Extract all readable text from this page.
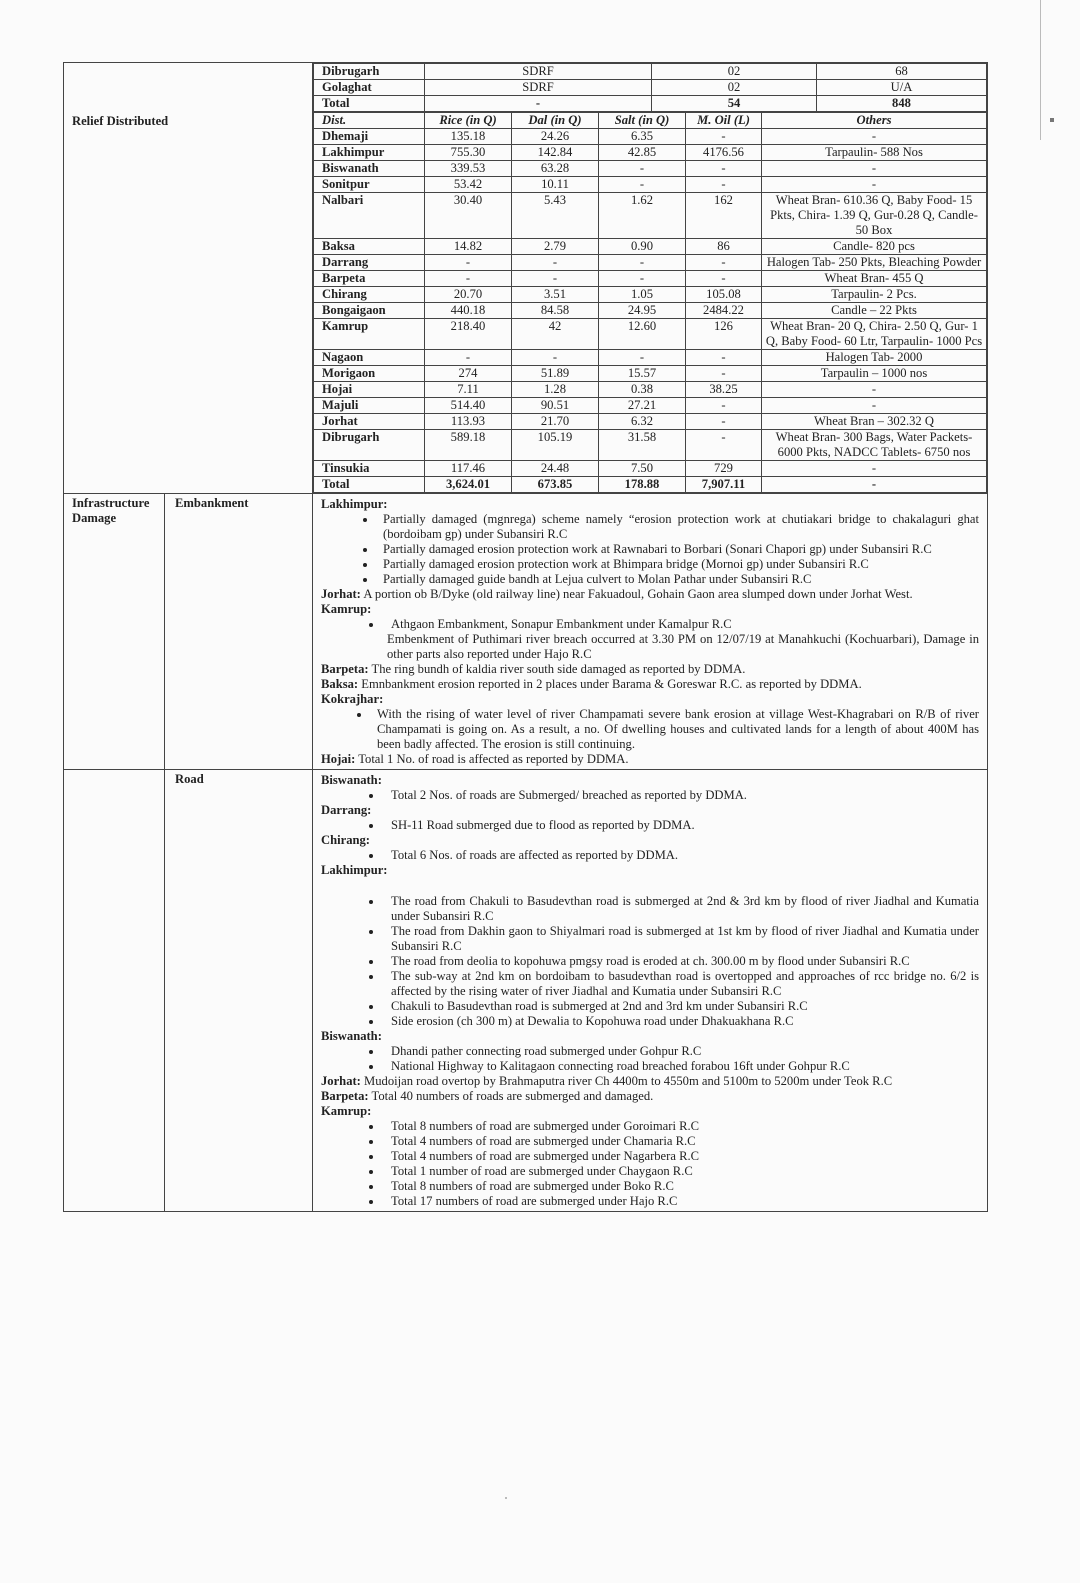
Relief Distributed

Dibrugarh	SDRF	02	68
Golaghat	SDRF	02	U/A
Total	-	54	848
Dist.	Rice (in Q)	Dal (in Q)	Salt (in Q)	M. Oil (L)	Others
Dhemaji	135.18	24.26	6.35	-	-
Lakhimpur	755.30	142.84	42.85	4176.56	Tarpaulin- 588 Nos
Biswanath	339.53	63.28	-	-	-
Sonitpur	53.42	10.11	-	-	-
Nalbari	30.40	5.43	1.62	162	Wheat Bran- 610.36 Q, Baby Food- 15 Pkts, Chira- 1.39 Q, Gur-0.28 Q, Candle- 50 Box
Baksa	14.82	2.79	0.90	86	Candle- 820 pcs
Darrang	-	-	-	-	Halogen Tab- 250 Pkts, Bleaching Powder
Barpeta	-	-	-	-	Wheat Bran- 455 Q
Chirang	20.70	3.51	1.05	105.08	Tarpaulin- 2 Pcs.
Bongaigaon	440.18	84.58	24.95	2484.22	Candle – 22 Pkts
Kamrup	218.40	42	12.60	126	Wheat Bran- 20 Q, Chira- 2.50 Q, Gur- 1 Q, Baby Food- 60 Ltr, Tarpaulin- 1000 Pcs
Nagaon	-	-	-	-	Halogen Tab- 2000
Morigaon	274	51.89	15.57	-	Tarpaulin – 1000 nos
Hojai	7.11	1.28	0.38	38.25	-
Majuli	514.40	90.51	27.21	-	-
Jorhat	113.93	21.70	6.32	-	Wheat Bran – 302.32 Q
Dibrugarh	589.18	105.19	31.58	-	Wheat Bran- 300 Bags, Water Packets- 6000 Pkts, NADCC Tablets- 6750 nos
Tinsukia	117.46	24.48	7.50	729	-
Total	3,624.01	673.85	178.88	7,907.11	-

Infrastructure Damage	Embankment	Lakhimpur:
• Partially damaged (mgnrega) scheme namely “erosion protection work at chutiakari bridge to chakalaguri ghat (bordoibam gp) under Subansiri R.C
• Partially damaged erosion protection work at Rawnabari to Borbari (Sonari Chapori gp) under Subansiri R.C
• Partially damaged erosion protection work at Bhimpara bridge (Mornoi gp) under Subansiri R.C
• Partially damaged guide bandh at Lejua culvert to Molan Pathar under Subansiri R.C

Jorhat: A portion ob B/Dyke (old railway line) near Fakuadoul, Gohain Gaon area slumped down under Jorhat West.

Kamrup:
• Athgaon Embankment, Sonapur Embankment under Kamalpur R.C
Embenkment of Puthimari river breach occurred at 3.30 PM on 12/07/19 at Manahkuchi (Kochuarbari), Damage in other parts also reported under Hajo R.C

Barpeta: The ring bundh of kaldia river south side damaged as reported by DDMA.

Baksa: Emnbankment erosion reported in 2 places under Barama & Goreswar R.C. as reported by DDMA.

Kokrajhar:
• With the rising of water level of river Champamati severe bank erosion at village West-Khagrabari on R/B of river Champamati is going on. As a result, a no. Of dwelling houses and cultivated lands for a length of about 400M has been badly affected. The erosion is still continuing.

Hojai: Total 1 No. of road is affected as reported by DDMA.

	Road	Biswanath:
• Total 2 Nos. of roads are Submerged/ breached as reported by DDMA.
Darrang:
• SH-11 Road submerged due to flood as reported by DDMA.
Chirang:
• Total 6 Nos. of roads are affected as reported by DDMA.
Lakhimpur:
• The road from Chakuli to Basudevthan road is submerged at 2nd & 3rd km by flood of river Jiadhal and Kumatia under Subansiri R.C
• The road from Dakhin gaon to Shiyalmari road is submerged at 1st km by flood of river Jiadhal and Kumatia under Subansiri R.C
• The road from deolia to kopohuwa pmgsy road is eroded at ch. 300.00 m by flood under Subansiri R.C
• The sub-way at 2nd km on bordoibam to basudevthan road is overtopped and approaches of rcc bridge no. 6/2 is affected by the rising water of river Jiadhal and Kumatia under Subansiri R.C
• Chakuli to Basudevthan road is submerged at 2nd and 3rd km under Subansiri R.C
• Side erosion (ch 300 m) at Dewalia to Kopohuwa road under Dhakuakhana R.C
Biswanath:
• Dhandi pather connecting road submerged under Gohpur R.C
• National Highway to Kalitagaon connecting road breached forabou 16ft under Gohpur R.C

Jorhat: Mudoijan road overtop by Brahmaputra river Ch 4400m to 4550m and 5100m to 5200m under Teok R.C

Barpeta: Total 40 numbers of roads are submerged and damaged.

Kamrup:
• Total 8 numbers of road are submerged under Goroimari R.C
• Total 4 numbers of road are submerged under Chamaria R.C
• Total 4 numbers of road are submerged under Nagarbera R.C
• Total 1 number of road are submerged under Chaygaon R.C
• Total 8 numbers of road are submerged under Boko R.C
• Total 17 numbers of road are submerged under Hajo R.C
